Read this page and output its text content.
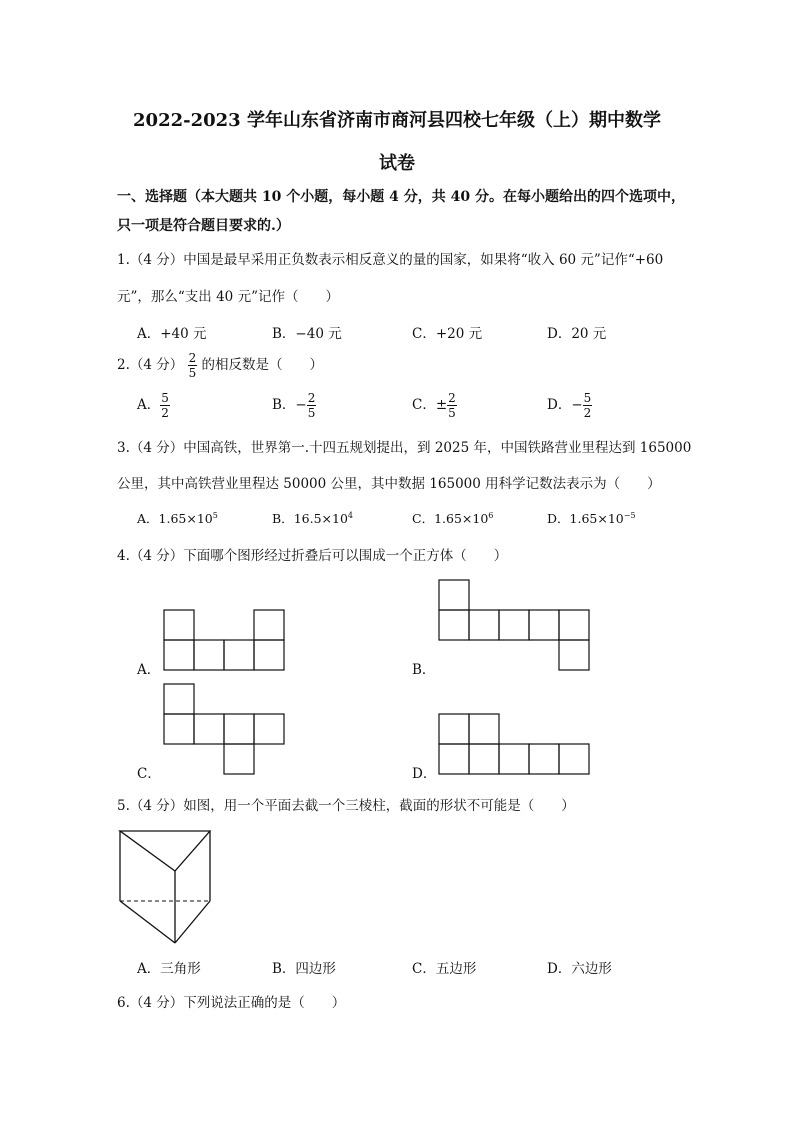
2022-2023 学年山东省济南市商河县四校七年级（上）期中数学
试卷
一、选择题（本大题共 10 个小题，每小题 4 分，共 40 分。在每小题给出的四个选项中，
只一项是符合题目要求的.）
1.（4 分）中国是最早采用正负数表示相反意义的量的国家，如果将“收入 60 元”记作“+60
元”，那么“支出 40 元”记作（　　）
A．+40 元	B．−40 元	C．+20 元	D．20 元
2.（4 分） $\frac{2}{5}$ 的相反数是（　　）
A． $\frac{5}{2}$	B．− $\frac{2}{5}$	C．± $\frac{2}{5}$	D．− $\frac{5}{2}$
3.（4 分）中国高铁，世界第一.十四五规划提出，到 2025 年，中国铁路营业里程达到 165000
公里，其中高铁营业里程达 50000 公里，其中数据 165000 用科学记数法表示为（　　）
A．$1.65\times 10^5$	B．$16.5\times 10^4$	C．$1.65\times 10^6$	D．$1.65\times 10^{-5}$
4.（4 分）下面哪个图形经过折叠后可以围成一个正方体（　　）
A．	B．
C．	D．
5.（4 分）如图，用一个平面去截一个三棱柱，截面的形状不可能是（　　）
A．三角形	B．四边形	C．五边形	D．六边形
6.（4 分）下列说法正确的是（　　）
